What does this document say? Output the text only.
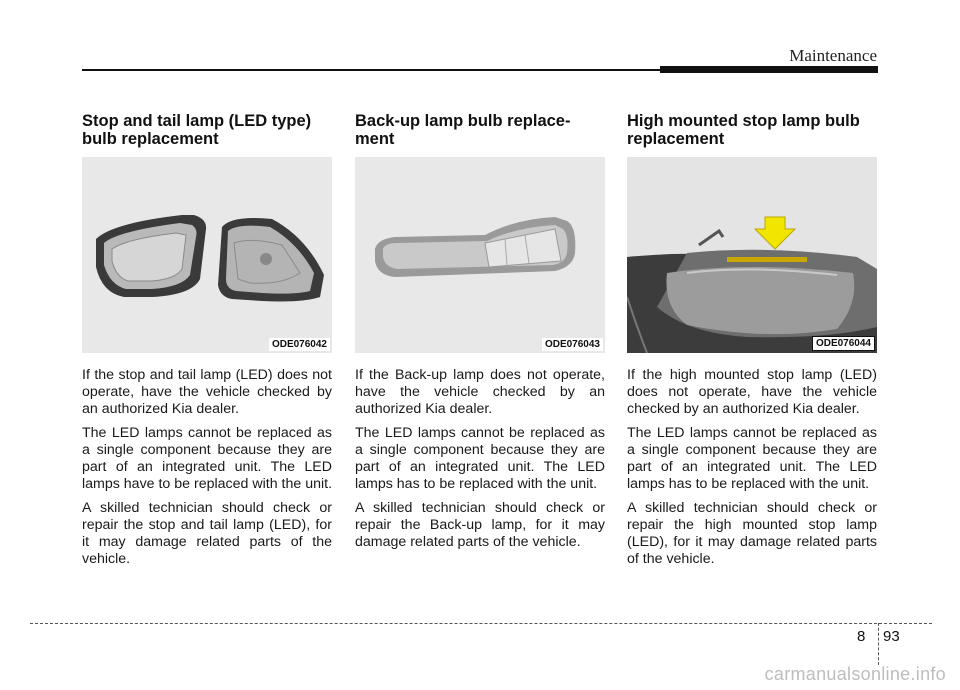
Maintenance
Stop and tail lamp (LED type)
bulb replacement
ODE076042

If the stop and tail lamp (LED) does not operate, have the vehicle checked by an authorized Kia dealer.

The LED lamps cannot be replaced as a single component because they are part of an integrated unit. The LED lamps have to be replaced with the unit.

A skilled technician should check or repair the stop and tail lamp (LED), for it may damage related parts of the vehicle.

Back-up lamp bulb replace-
ment
ODE076043

If the Back-up lamp does not operate, have the vehicle checked by an authorized Kia dealer.

The LED lamps cannot be replaced as a single component because they are part of an integrated unit. The LED lamps has to be replaced with the unit.

A skilled technician should check or repair the Back-up lamp, for it may damage related parts of the vehicle.

High mounted stop lamp bulb
replacement
ODE076044

If the high mounted stop lamp (LED) does not operate, have the vehicle checked by an authorized Kia dealer.

The LED lamps cannot be replaced as a single component because they are part of an integrated unit. The LED lamps has to be replaced with the unit.

A skilled technician should check or repair the high mounted stop lamp (LED), for it may damage related parts of the vehicle.

8 93
carmanualsonline.info
